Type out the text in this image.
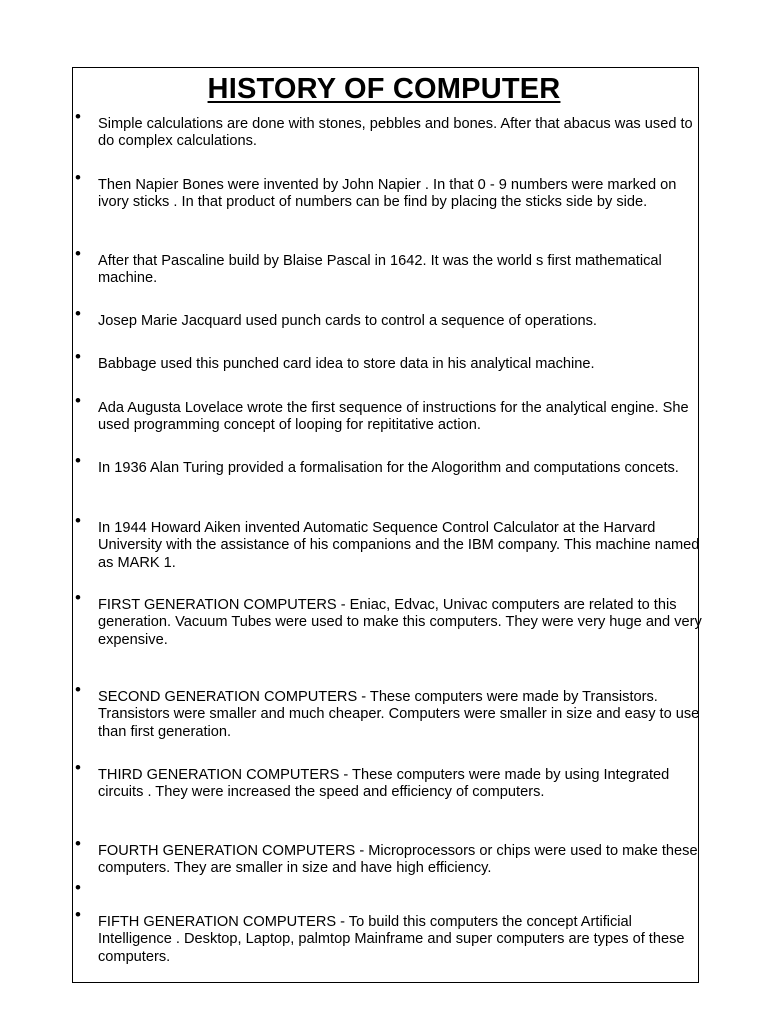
HISTORY OF COMPUTER
• Simple calculations are done with stones, pebbles and bones. After that abacus was used to do complex calculations.
• Then Napier Bones were invented by John Napier . In that 0 - 9 numbers were marked on ivory sticks . In that product of numbers can be find by placing the sticks side by side.
• After that Pascaline build by Blaise Pascal in 1642. It was the world s first mathematical machine.
• Josep Marie Jacquard used punch cards to control a sequence of operations.
• Babbage used this punched card idea to store data in his analytical machine.
• Ada Augusta Lovelace wrote the first sequence of instructions for the analytical engine. She used programming concept of looping for repititative action.
• In 1936 Alan Turing provided a formalisation for the Alogorithm and computations concets.
• In 1944 Howard Aiken invented Automatic Sequence Control Calculator at the Harvard University with the assistance of his companions and the IBM company. This machine named as MARK 1.
• FIRST GENERATION COMPUTERS - Eniac, Edvac, Univac computers are related to this generation. Vacuum Tubes were used to make this computers. They were very huge and very expensive.
• SECOND GENERATION COMPUTERS - These computers were made by Transistors. Transistors were smaller and much cheaper. Computers were smaller in size and easy to use than first generation.
• THIRD GENERATION COMPUTERS - These computers were made by using Integrated circuits . They were increased the speed and efficiency of computers.
• FOURTH GENERATION COMPUTERS - Microprocessors or chips were used to make these computers. They are smaller in size and have high efficiency.
•
• FIFTH GENERATION COMPUTERS - To build this computers the concept Artificial Intelligence . Desktop, Laptop, palmtop Mainframe and super computers are types of these computers.
